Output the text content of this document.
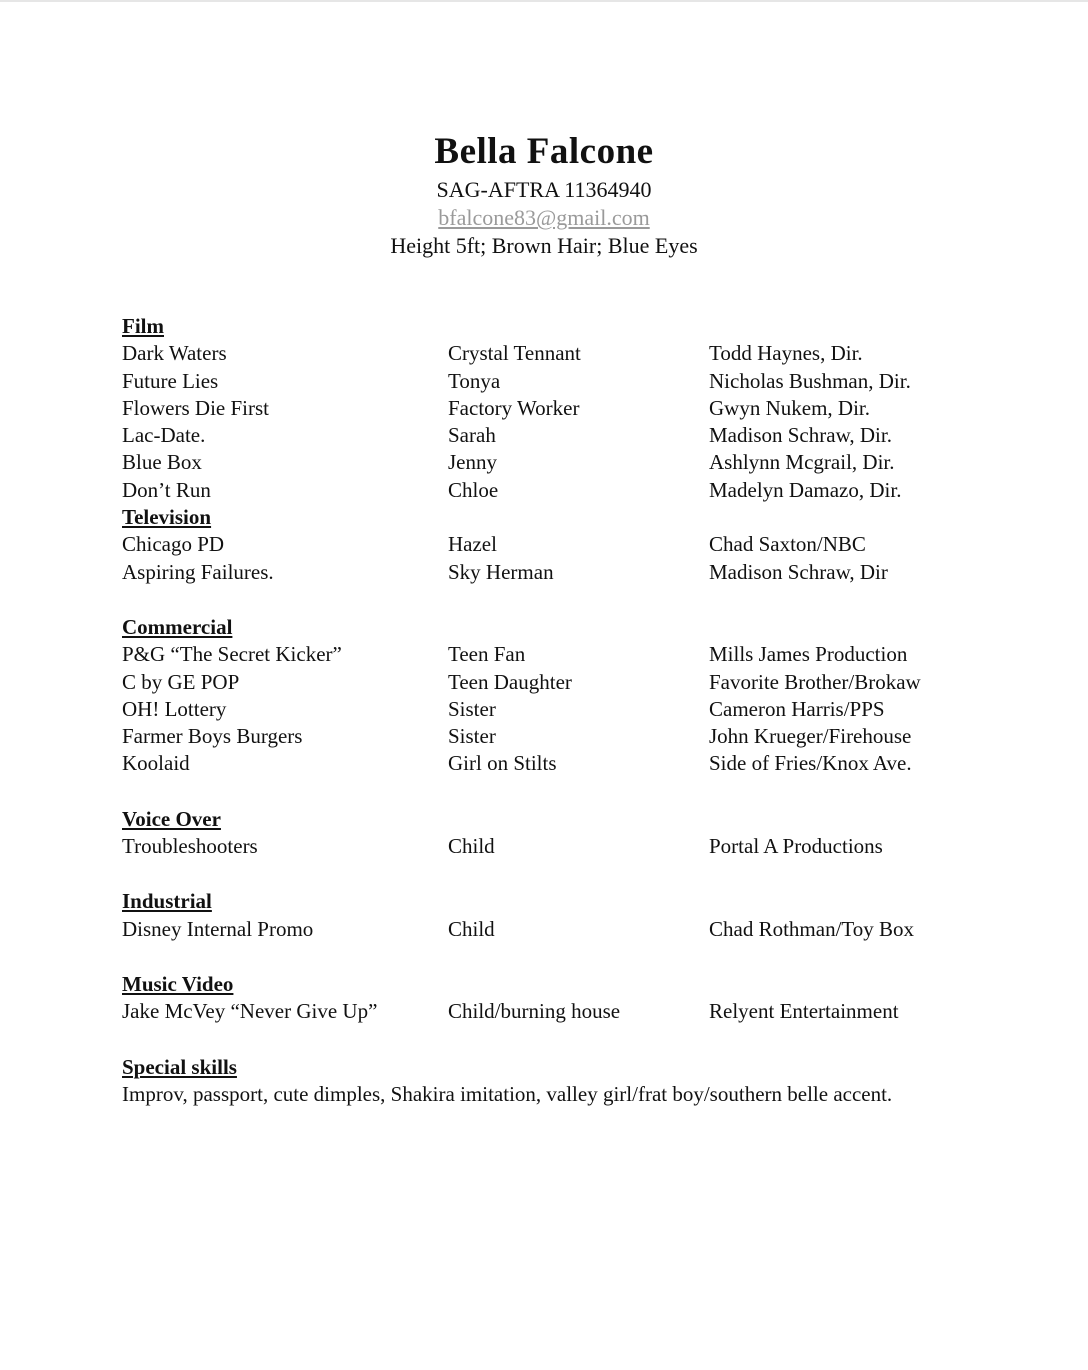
Bella Falcone
SAG-AFTRA 11364940
bfalcone83@gmail.com
Height 5ft; Brown Hair; Blue Eyes
Film
Dark Waters	Crystal Tennant	Todd Haynes, Dir.
Future Lies	Tonya	Nicholas Bushman, Dir.
Flowers Die First	Factory Worker	Gwyn Nukem, Dir.
Lac-Date.	Sarah	Madison Schraw, Dir.
Blue Box	Jenny	Ashlynn Mcgrail, Dir.
Don’t Run	Chloe	Madelyn Damazo, Dir.
Television
Chicago PD	Hazel	Chad Saxton/NBC
Aspiring Failures.	Sky Herman	Madison Schraw, Dir
Commercial
P&G “The Secret Kicker”	Teen Fan	Mills James Production
C by GE POP	Teen Daughter	Favorite Brother/Brokaw
OH! Lottery	Sister	Cameron Harris/PPS
Farmer Boys Burgers	Sister	John Krueger/Firehouse
Koolaid	Girl on Stilts	Side of Fries/Knox Ave.
Voice Over
Troubleshooters	Child	Portal A Productions
Industrial
Disney Internal Promo	Child	Chad Rothman/Toy Box
Music Video
Jake McVey “Never Give Up”	Child/burning house	Relyent Entertainment
Special skills
Improv, passport, cute dimples, Shakira imitation, valley girl/frat boy/southern belle accent.
